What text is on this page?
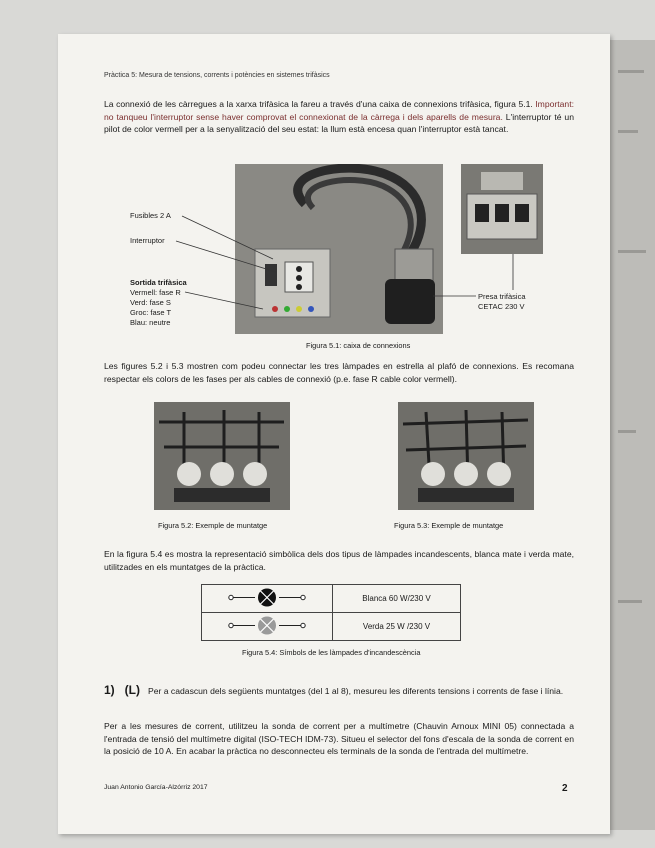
Pràctica 5: Mesura de tensions, corrents i potències en sistemes trifàsics
La connexió de les càrregues a la xarxa trifàsica la fareu a través d'una caixa de connexions trifàsica, figura 5.1. Important: no tanqueu l'interruptor sense haver comprovat el connexionat de la càrrega i dels aparells de mesura. L'interruptor té un pilot de color vermell per a la senyalització del seu estat: la llum està encesa quan l'interruptor està tancat.
Fusibles 2 A
Interruptor
Sortida trifàsica
Vermell: fase R
Verd: fase S
Groc: fase T
Blau: neutre
Presa trifàsica
CETAC 230 V
Figura 5.1: caixa de connexions
Les figures 5.2 i 5.3 mostren com podeu connectar les tres làmpades en estrella al plafó de connexions. Es recomana respectar els colors de les fases per als cables de connexió (p.e. fase R cable color vermell).
Figura 5.2: Exemple de muntatge	Figura 5.3: Exemple de muntatge
En la figura 5.4 es mostra la representació simbòlica dels dos tipus de làmpades incandescents, blanca mate i verda mate, utilitzades en els muntatges de la pràctica.
	Blanca 60 W/230 V
	Verda 25 W /230 V
Figura 5.4: Símbols de les làmpades d'incandescència
1) (L) Per a cadascun dels següents muntatges (del 1 al 8), mesureu les diferents tensions i corrents de fase i línia.
Per a les mesures de corrent, utilitzeu la sonda de corrent per a multímetre (Chauvin Arnoux MINI 05) connectada a l'entrada de tensió del multímetre digital (ISO-TECH IDM-73). Situeu el selector del fons d'escala de la sonda de corrent en la posició de 10 A. En acabar la pràctica no desconnecteu els terminals de la sonda de l'entrada del multímetre.
Juan Antonio García-Alzórriz 2017	2
